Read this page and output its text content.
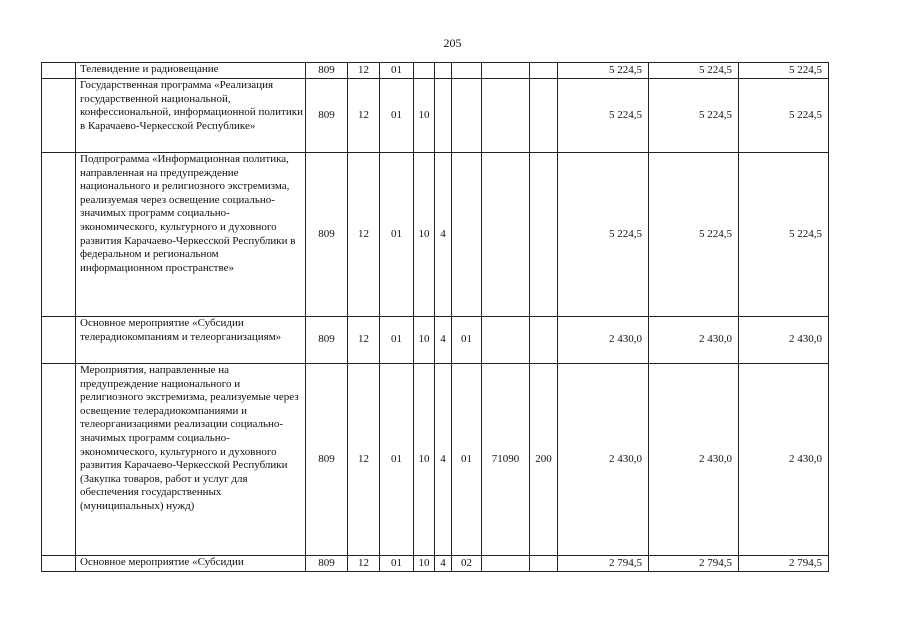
205
	Телевидение и радиовещание	809	12	01						5 224,5	5 224,5	5 224,5
	Государственная программа «Реализация государственной национальной, конфессиональной, информационной политики в Карачаево-Черкесской Республике»	809	12	01	10					5 224,5	5 224,5	5 224,5
	Подпрограмма «Информационная политика, направленная на предупреждение национального и религиозного экстремизма, реализуемая через освещение социально-значимых программ социально-экономического, культурного и духовного развития Карачаево-Черкесской Республики в федеральном и региональном информационном пространстве»	809	12	01	10	4				5 224,5	5 224,5	5 224,5
	Основное мероприятие «Субсидии телерадиокомпаниям и телеорганизациям»	809	12	01	10	4	01			2 430,0	2 430,0	2 430,0
	Мероприятия, направленные на предупреждение национального и религиозного экстремизма, реализуемые через освещение телерадиокомпаниями и телеорганизациями реализации социально-значимых программ социально-экономического, культурного и духовного развития Карачаево-Черкесской Республики (Закупка товаров, работ и услуг для обеспечения государственных (муниципальных) нужд)	809	12	01	10	4	01	71090	200	2 430,0	2 430,0	2 430,0
	Основное мероприятие «Субсидии	809	12	01	10	4	02			2 794,5	2 794,5	2 794,5
